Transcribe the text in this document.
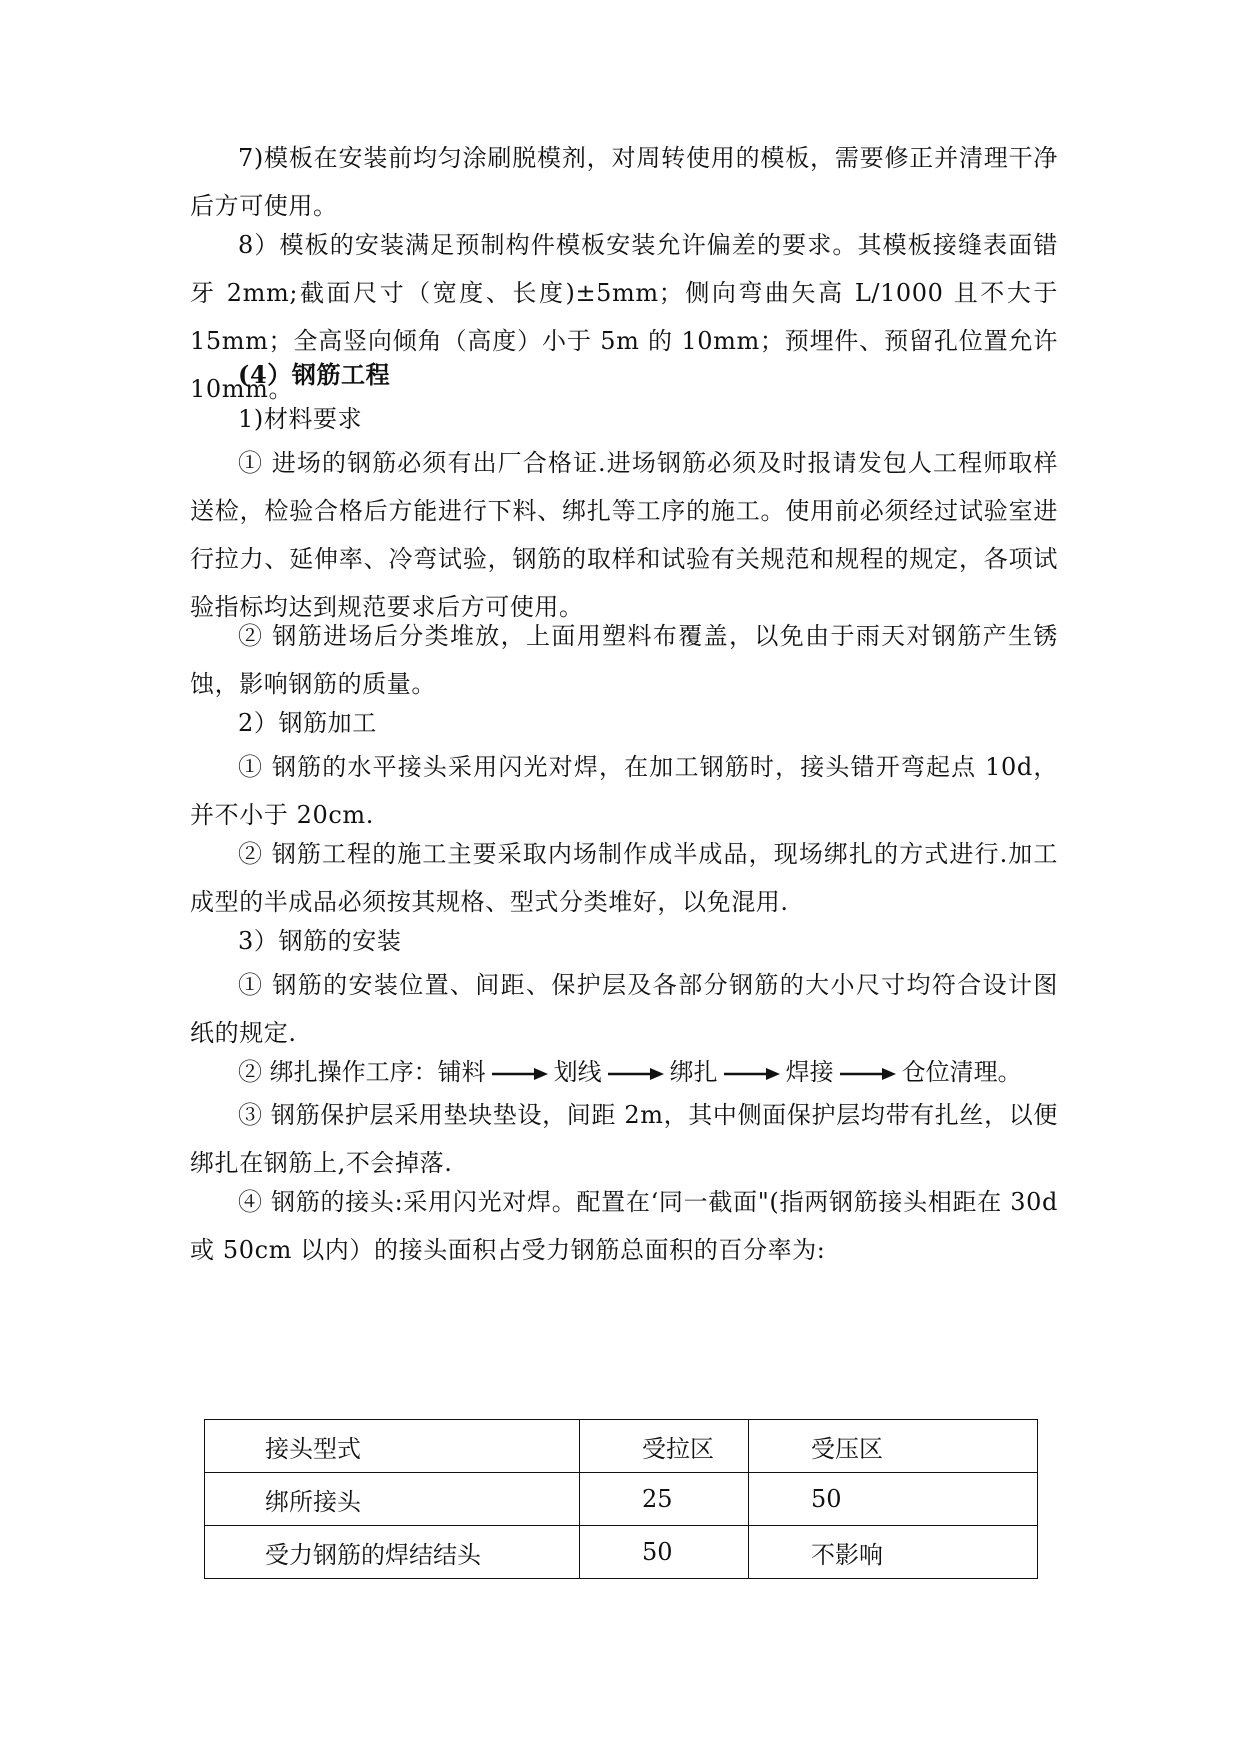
7)模板在安装前均匀涂刷脱模剂，对周转使用的模板，需要修正并清理干净后方可使用。

8）模板的安装满足预制构件模板安装允许偏差的要求。其模板接缝表面错牙 2mm;截面尺寸（宽度、长度)±5mm；侧向弯曲矢高 L/1000 且不大于 15mm；全高竖向倾角（高度）小于 5m 的 10mm；预埋件、预留孔位置允许 10mm。

(4）钢筋工程

1)材料要求

① 进场的钢筋必须有出厂合格证.进场钢筋必须及时报请发包人工程师取样送检，检验合格后方能进行下料、绑扎等工序的施工。使用前必须经过试验室进行拉力、延伸率、冷弯试验，钢筋的取样和试验有关规范和规程的规定，各项试验指标均达到规范要求后方可使用。

② 钢筋进场后分类堆放，上面用塑料布覆盖，以免由于雨天对钢筋产生锈蚀，影响钢筋的质量。

2）钢筋加工

① 钢筋的水平接头采用闪光对焊，在加工钢筋时，接头错开弯起点 10d，并不小于 20cm.

② 钢筋工程的施工主要采取内场制作成半成品，现场绑扎的方式进行.加工成型的半成品必须按其规格、型式分类堆好，以免混用.

3）钢筋的安装

① 钢筋的安装位置、间距、保护层及各部分钢筋的大小尺寸均符合设计图纸的规定.

② 绑扎操作工序：铺料	划线	绑扎	焊接	仓位清理。

③ 钢筋保护层采用垫块垫设，间距 2m，其中侧面保护层均带有扎丝，以便绑扎在钢筋上,不会掉落.

④ 钢筋的接头:采用闪光对焊。配置在‘同一截面"(指两钢筋接头相距在 30d 或 50cm 以内）的接头面积占受力钢筋总面积的百分率为:

接头型式	受拉区	受压区
绑所接头	25	50
受力钢筋的焊结结头	50	不影响
